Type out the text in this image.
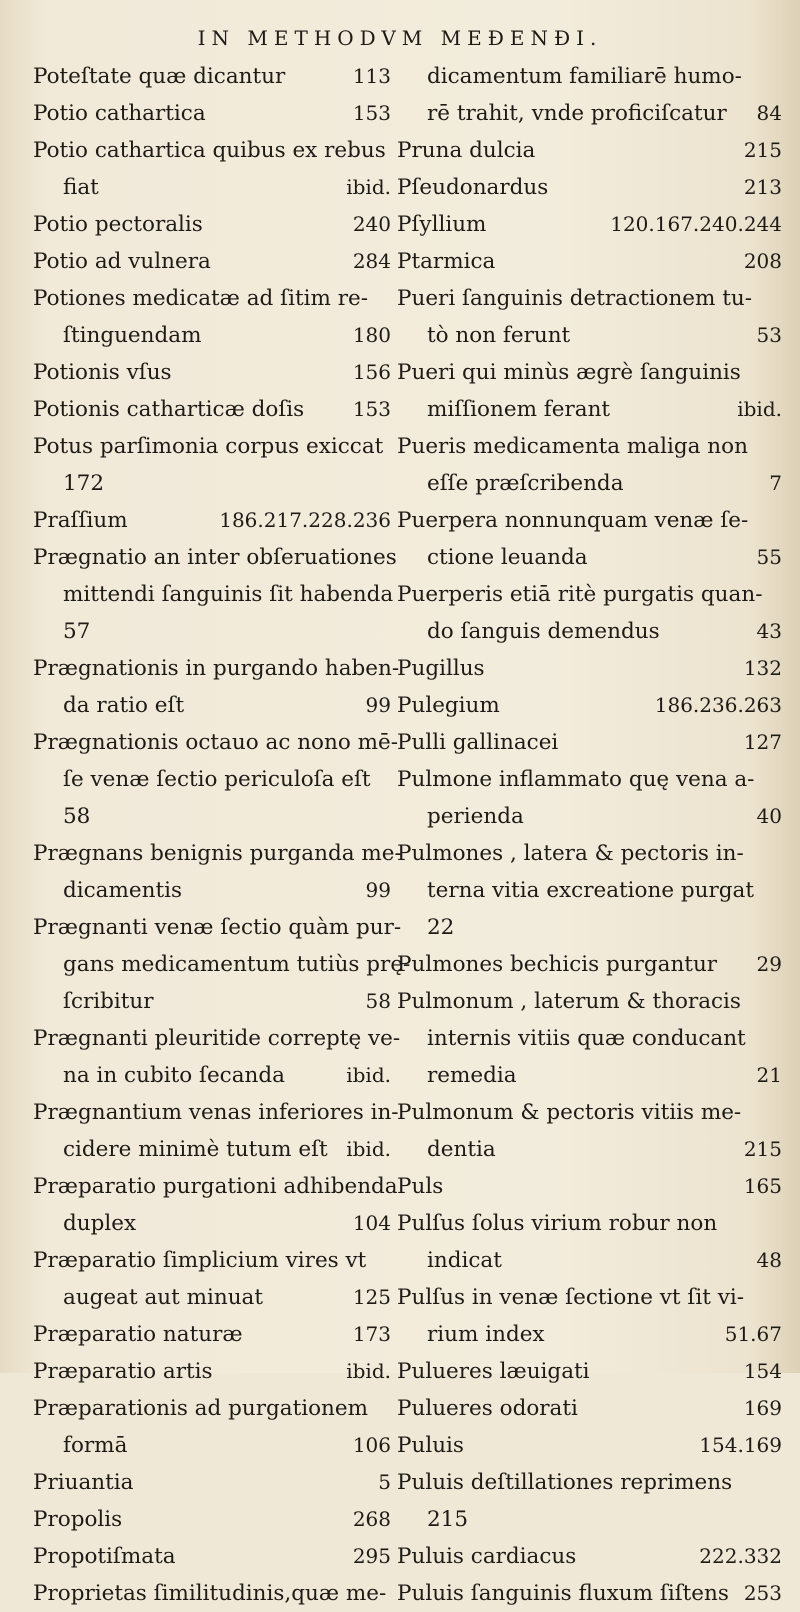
IN METHODVM MEÐENÐI.
Poteſtate quæ dicantur	113
Potio cathartica	153
Potio cathartica quibus ex rebus
fiat	ibid.
Potio pectoralis	240
Potio ad vulnera	284
Potiones medicatæ ad ſitim re-
ſtinguendam	180
Potionis vſus	156
Potionis catharticæ doſis 153
Potus parſimonia corpus exiccat
172
Praſſium	186.217.228.236
Prægnatio an inter obſeruationes
mittendi ſanguinis ſit habenda
57
Prægnationis in purgando haben-
da ratio eſt	99
Prægnationis octauo ac nono mē-
ſe venæ ſectio periculoſa eſt
58
Prægnans benignis purganda me-
dicamentis	99
Prægnanti venæ ſectio quàm pur-
gans medicamentum tutiùs prę-
ſcribitur	58
Prægnanti pleuritide correptę ve-
na in cubito ſecanda	ibid.
Prægnantium venas inferiores in-
cidere minimè tutum eſt ibid.
Præparatio purgationi adhibenda
duplex	104
Præparatio ſimplicium vires vt
augeat aut minuat	125
Præparatio naturæ	173
Præparatio artis	ibid.
Præparationis ad purgationem
formā	106
Priuantia	5
Propolis	268
Propotiſmata	295
Proprietas ſimilitudinis,quæ me-
dicamentum familiarē humo-
rē trahit, vnde proficiſcatur 84
Pruna dulcia	215
Pſeudonardus	213
Pſyllium	120.167.240.244
Ptarmica	208
Pueri ſanguinis detractionem tu-
tò non ferunt	53
Pueri qui minùs ægrè ſanguinis
miſſionem ferant	ibid.
Pueris medicamenta maliga non
eſſe præſcribenda	7
Puerpera nonnunquam venæ ſe-
ctione leuanda	55
Puerperis etiā ritè purgatis quan-
do ſanguis demendus	43
Pugillus	132
Pulegium	186.236.263
Pulli gallinacei	127
Pulmone inflammato quę vena a-
perienda	40
Pulmones , latera & pectoris in-
terna vitia excreatione purgat
22
Pulmones bechicis purgantur 29
Pulmonum , laterum & thoracis
internis vitiis quæ conducant
remedia	21
Pulmonum & pectoris vitiis me-
dentia	215
Puls	165
Pulſus ſolus virium robur non
indicat	48
Pulſus in venæ ſectione vt ſit vi-
rium index	51.67
Pulueres læuigati	154
Pulueres odorati	169
Puluis	154.169
Puluis deſtillationes reprimens
215
Puluis cardiacus	222.332
Puluis ſanguinis fluxum ſiſtens 253
